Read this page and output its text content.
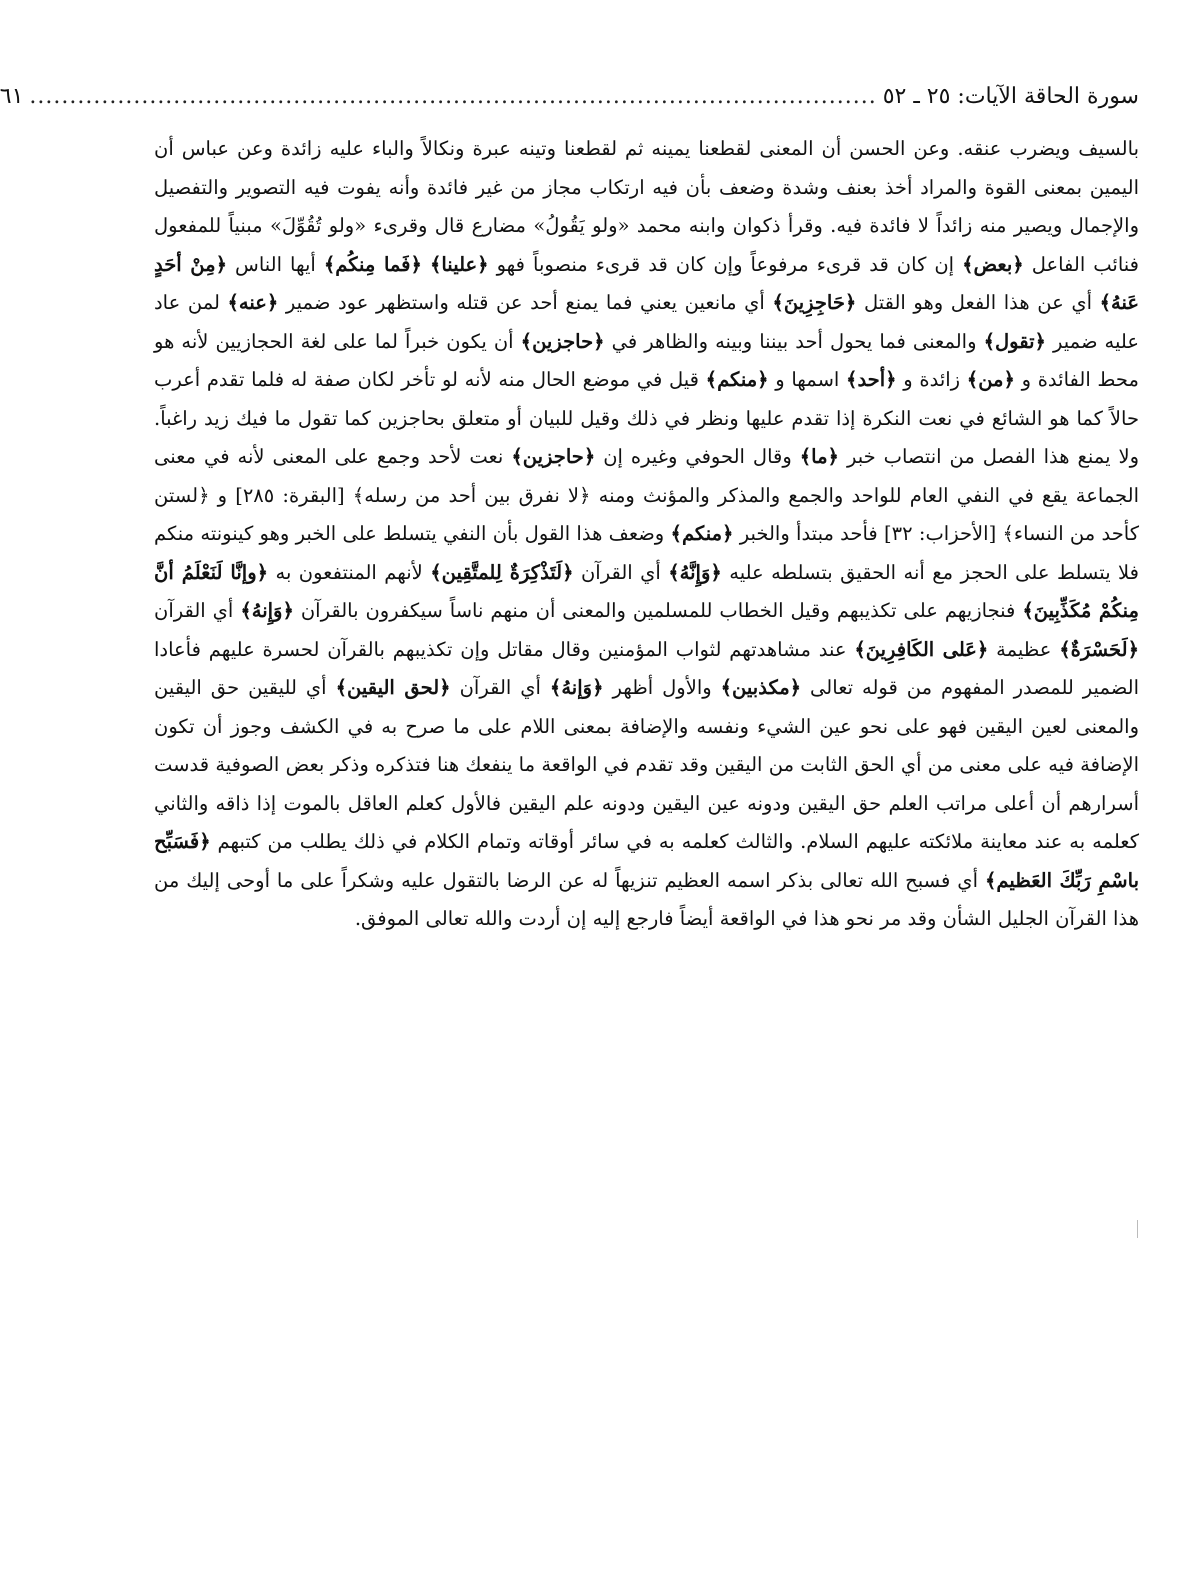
سورة الحاقة الآيات: ٢٥ ـ ٥٢
..........................................................................................................
٦١

بالسيف ويضرب عنقه. وعن الحسن أن المعنى لقطعنا يمينه ثم لقطعنا وتينه عبرة ونكالاً والباء عليه زائدة وعن عباس أن اليمين بمعنى القوة والمراد أخذ بعنف وشدة وضعف بأن فيه ارتكاب مجاز من غير فائدة وأنه يفوت فيه التصوير والتفصيل والإجمال ويصير منه زائداً لا فائدة فيه. وقرأ ذكوان وابنه محمد «ولو يَقُولُ» مضارع قال وقرىء «ولو تُقُوِّلَ» مبنياً للمفعول فنائب الفاعل ﴿بعض﴾ إن كان قد قرىء مرفوعاً وإن كان قد قرىء منصوباً فهو ﴿علينا﴾ ﴿فَما مِنكُم﴾ أيها الناس ﴿مِنْ أحَدٍ عَنهُ﴾ أي عن هذا الفعل وهو القتل ﴿حَاجِزِينَ﴾ أي مانعين يعني فما يمنع أحد عن قتله واستظهر عود ضمير ﴿عنه﴾ لمن عاد عليه ضمير ﴿تقول﴾ والمعنى فما يحول أحد بيننا وبينه والظاهر في ﴿حاجزين﴾ أن يكون خبراً لما على لغة الحجازيين لأنه هو محط الفائدة و ﴿من﴾ زائدة و ﴿أحد﴾ اسمها و ﴿منكم﴾ قيل في موضع الحال منه لأنه لو تأخر لكان صفة له فلما تقدم أعرب حالاً كما هو الشائع في نعت النكرة إذا تقدم عليها ونظر في ذلك وقيل للبيان أو متعلق بحاجزين كما تقول ما فيك زيد راغباً. ولا يمنع هذا الفصل من انتصاب خبر ﴿ما﴾ وقال الحوفي وغيره إن ﴿حاجزين﴾ نعت لأحد وجمع على المعنى لأنه في معنى الجماعة يقع في النفي العام للواحد والجمع والمذكر والمؤنث ومنه ﴿لا نفرق بين أحد من رسله﴾ [البقرة: ٢٨٥] و ﴿لستن كأحد من النساء﴾ [الأحزاب: ٣٢] فأحد مبتدأ والخبر ﴿منكم﴾ وضعف هذا القول بأن النفي يتسلط على الخبر وهو كينونته منكم فلا يتسلط على الحجز مع أنه الحقيق بتسلطه عليه ﴿وَإِنَّهُ﴾ أي القرآن ﴿لَتَذْكِرَةٌ لِلمتَّقِين﴾ لأنهم المنتفعون به ﴿وإنَّا لَنَعْلَمُ أنَّ مِنكُمْ مُكَذِّبِينَ﴾ فنجازيهم على تكذيبهم وقيل الخطاب للمسلمين والمعنى أن منهم ناساً سيكفرون بالقرآن ﴿وَإِنهُ﴾ أي القرآن ﴿لَحَسْرَةٌ﴾ عظيمة ﴿عَلى الكَافِرِينَ﴾ عند مشاهدتهم لثواب المؤمنين وقال مقاتل وإن تكذيبهم بالقرآن لحسرة عليهم فأعادا الضمير للمصدر المفهوم من قوله تعالى ﴿مكذبين﴾ والأول أظهر ﴿وَإنهُ﴾ أي القرآن ﴿لحق اليقين﴾ أي لليقين حق اليقين والمعنى لعين اليقين فهو على نحو عين الشيء ونفسه والإضافة بمعنى اللام على ما صرح به في الكشف وجوز أن تكون الإضافة فيه على معنى من أي الحق الثابت من اليقين وقد تقدم في الواقعة ما ينفعك هنا فتذكره وذكر بعض الصوفية قدست أسرارهم أن أعلى مراتب العلم حق اليقين ودونه عين اليقين ودونه علم اليقين فالأول كعلم العاقل بالموت إذا ذاقه والثاني كعلمه به عند معاينة ملائكته عليهم السلام. والثالث كعلمه به في سائر أوقاته وتمام الكلام في ذلك يطلب من كتبهم ﴿فَسَبِّح باسْمِ رَبِّكَ العَظيم﴾ أي فسبح الله تعالى بذكر اسمه العظيم تنزيهاً له عن الرضا بالتقول عليه وشكراً على ما أوحى إليك من هذا القرآن الجليل الشأن وقد مر نحو هذا في الواقعة أيضاً فارجع إليه إن أردت والله تعالى الموفق.
